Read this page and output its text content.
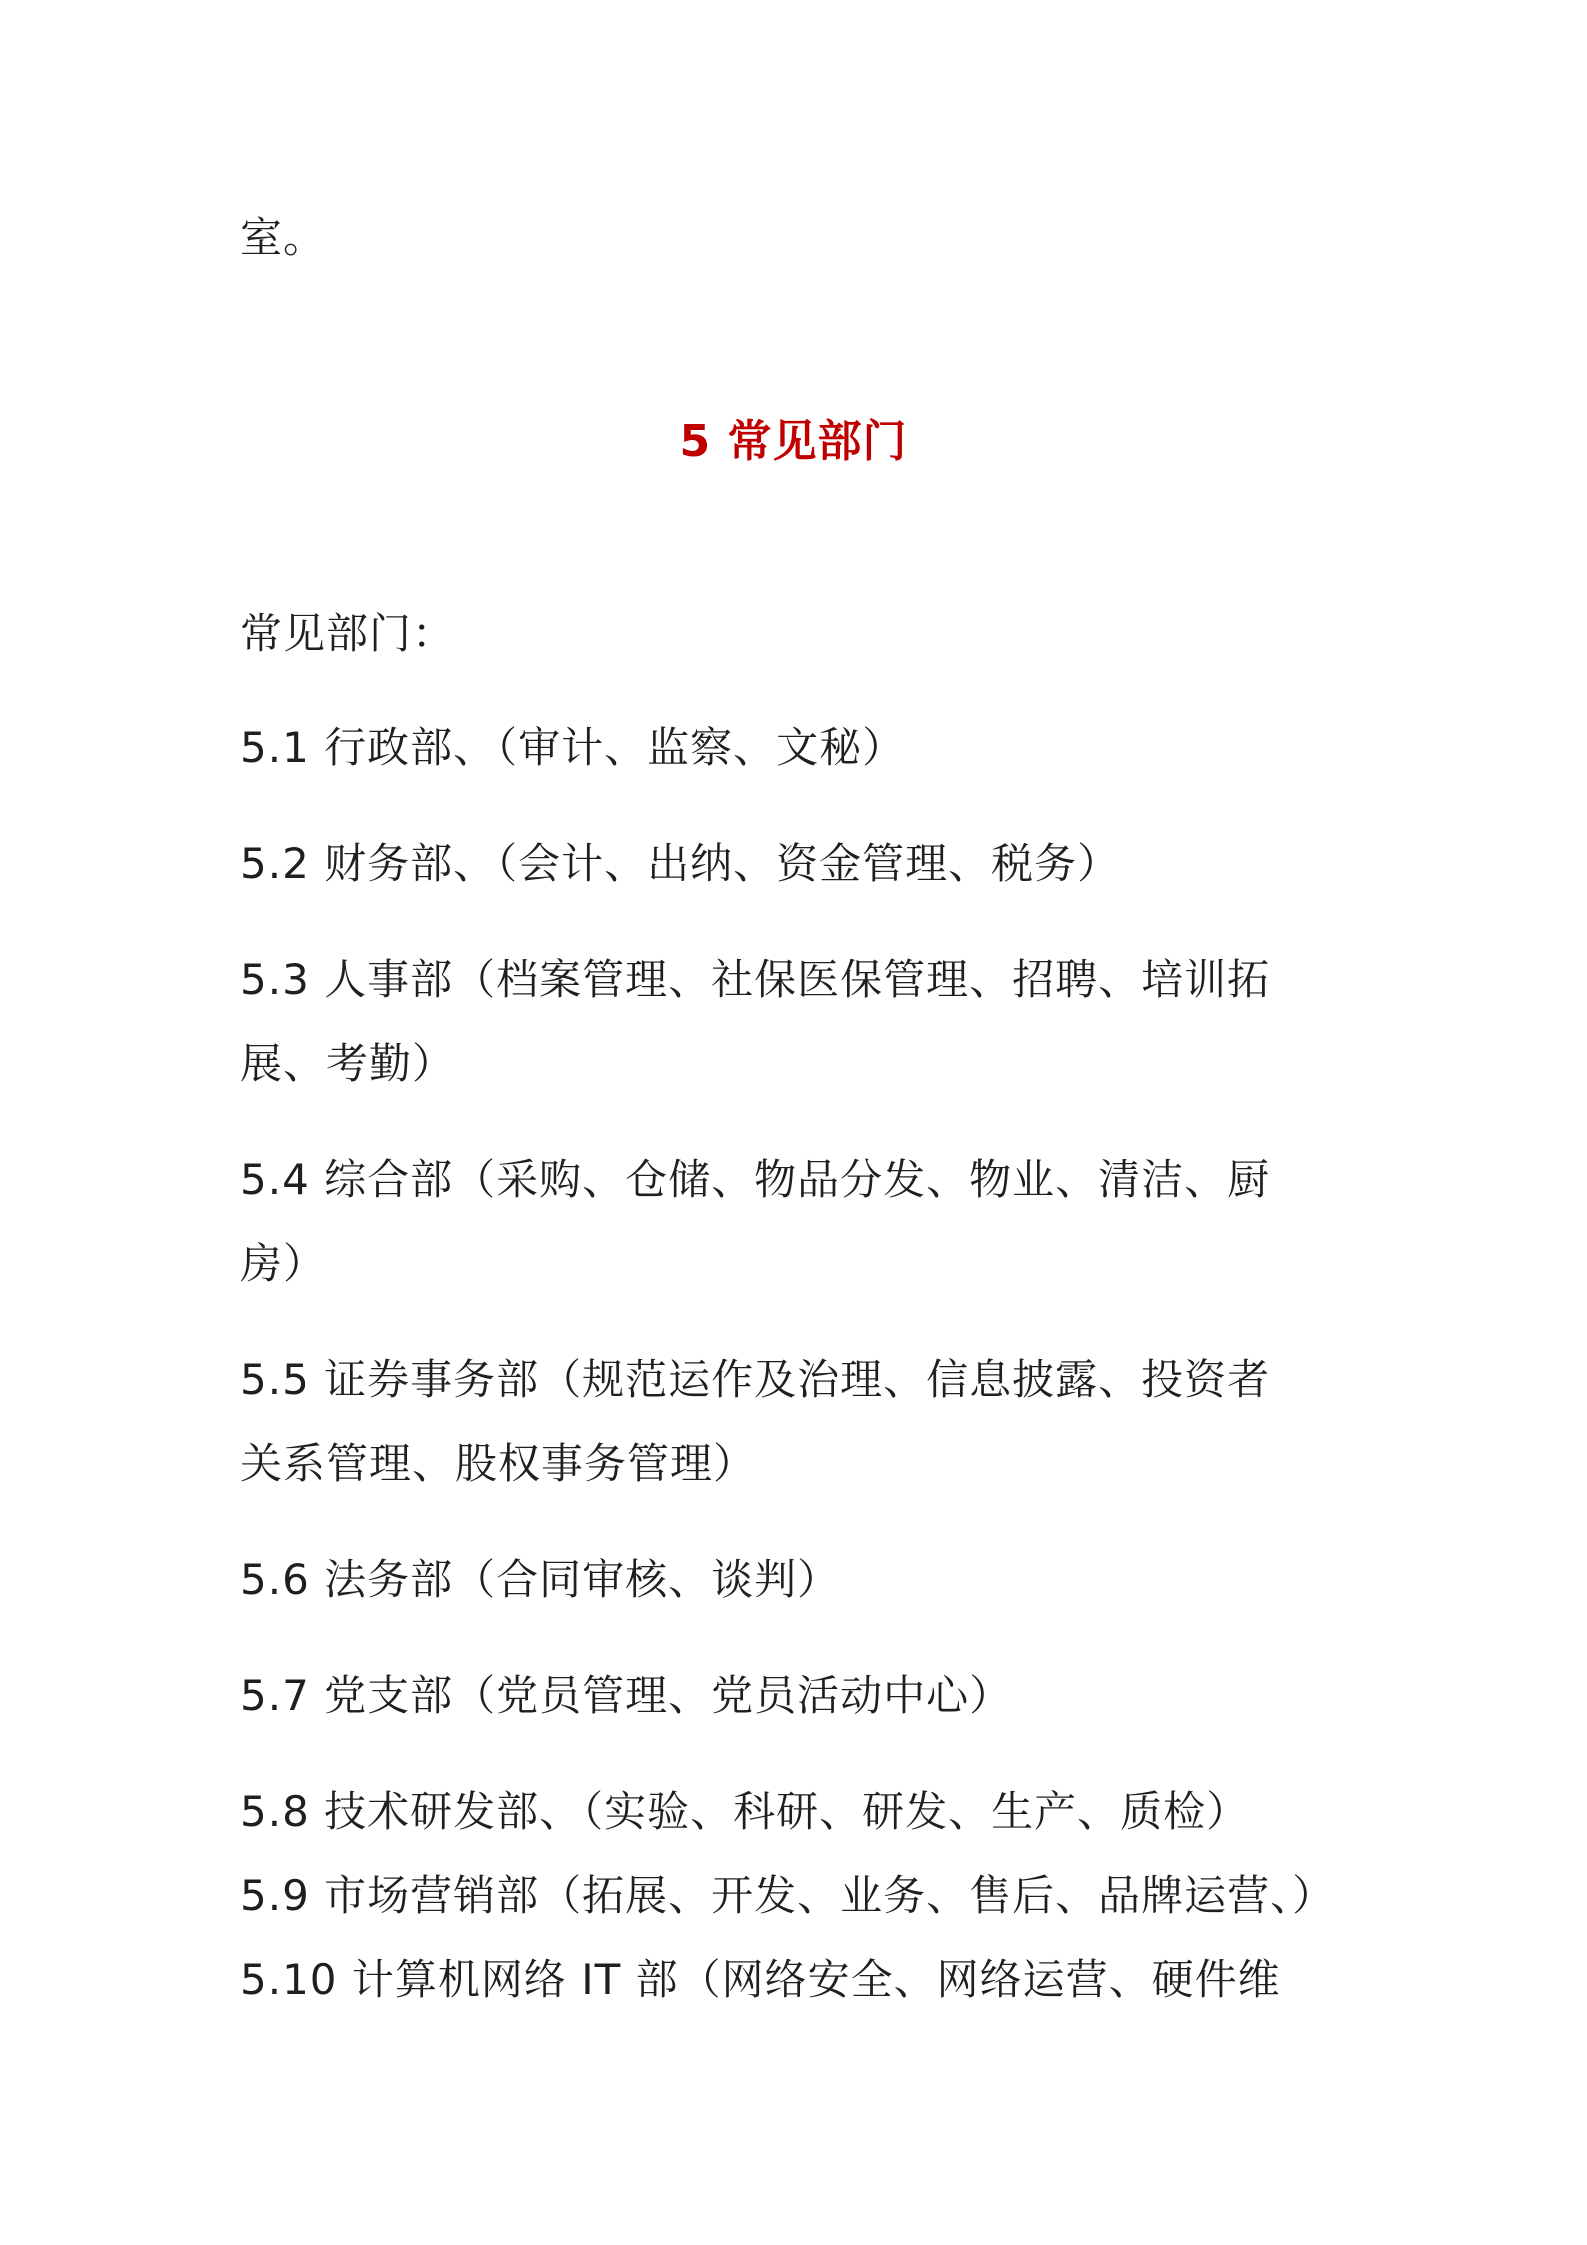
室。
5 常见部门
常见部门：
5.1 行政部、（审计、监察、文秘）
5.2 财务部、（会计、出纳、资金管理、税务）
5.3 人事部（档案管理、社保医保管理、招聘、培训拓
展、考勤）
5.4 综合部（采购、仓储、物品分发、物业、清洁、厨
房）
5.5 证券事务部（规范运作及治理、信息披露、投资者
关系管理、股权事务管理）
5.6 法务部（合同审核、谈判）
5.7 党支部（党员管理、党员活动中心）
5.8 技术研发部、（实验、科研、研发、生产、质检）
5.9 市场营销部（拓展、开发、业务、售后、品牌运营、）
5.10 计算机网络 IT 部（网络安全、网络运营、硬件维
